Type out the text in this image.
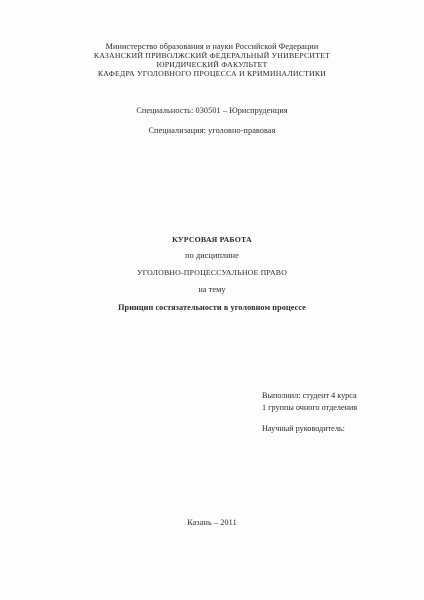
Министерство образования и науки Российской Федерации
КАЗАНСКИЙ ПРИВОЛЖСКИЙ ФЕДЕРАЛЬНЫЙ УНИВЕРСИТЕТ
ЮРИДИЧЕСКИЙ ФАКУЛЬТЕТ
КАФЕДРА УГОЛОВНОГО ПРОЦЕССА И КРИМИНАЛИСТИКИ
Специальность: 030501 – Юриспруденция
Специализация: уголовно-правовая
КУРСОВАЯ РАБОТА
по дисциплине
УГОЛОВНО-ПРОЦЕССУАЛЬНОЕ ПРАВО
на тему
Принцип состязательности в уголовном процессе
Выполнил: студент 4 курса
1 группы очного отделения
Научный руководитель:
Казань – 2011
